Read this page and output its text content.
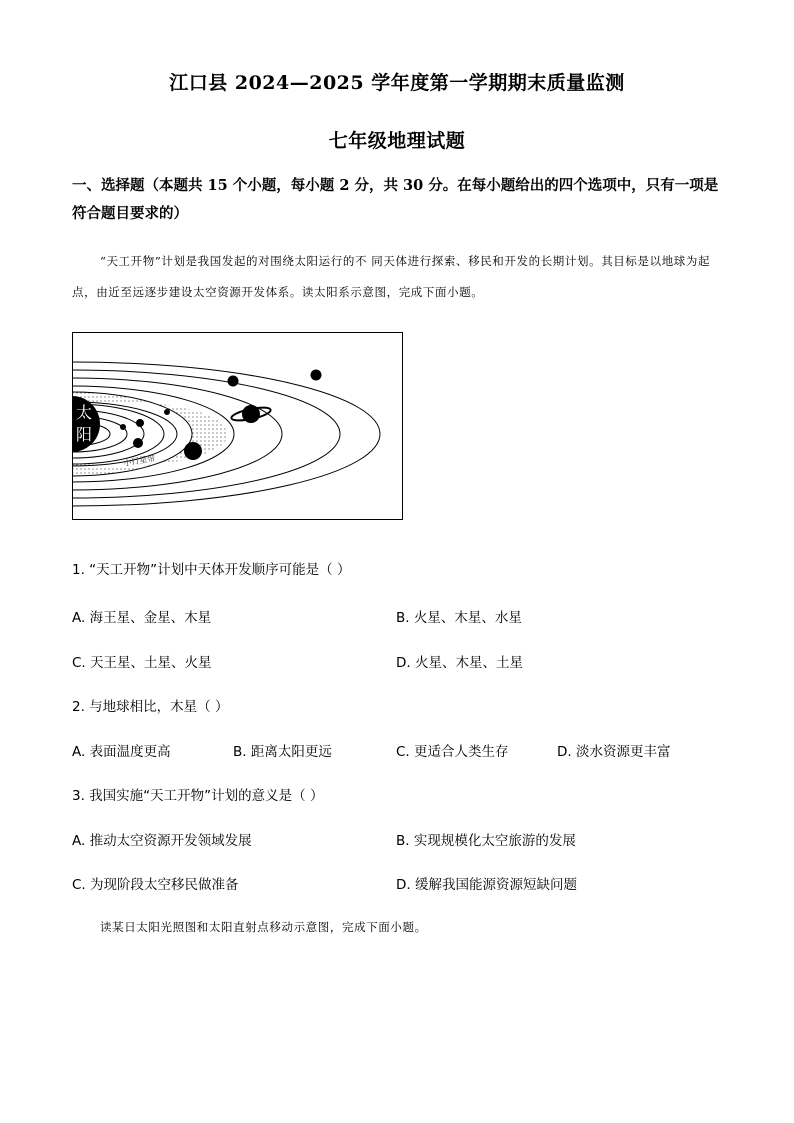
江口县 2024—2025 学年度第一学期期末质量监测
七年级地理试题
一、选择题（本题共 15 个小题，每小题 2 分，共 30 分。在每小题给出的四个选项中，只有一项是符合题目要求的）
“天工开物”计划是我国发起的对围绕太阳运行的不 同天体进行探索、移民和开发的长期计划。其目标是以地球为起点，由近至远逐步建设太空资源开发体系。读太阳系示意图，完成下面小题。
太
阳
小行星带
1. “天工开物”计划中天体开发顺序可能是（ ）
A. 海王星、金星、木星	B. 火星、木星、水星
C. 天王星、土星、火星	D. 火星、木星、土星
2. 与地球相比，木星（ ）
A. 表面温度更高	B. 距离太阳更远	C. 更适合人类生存	D. 淡水资源更丰富
3. 我国实施“天工开物”计划的意义是（ ）
A. 推动太空资源开发领域发展	B. 实现规模化太空旅游的发展
C. 为现阶段太空移民做准备	D. 缓解我国能源资源短缺问题
读某日太阳光照图和太阳直射点移动示意图，完成下面小题。
